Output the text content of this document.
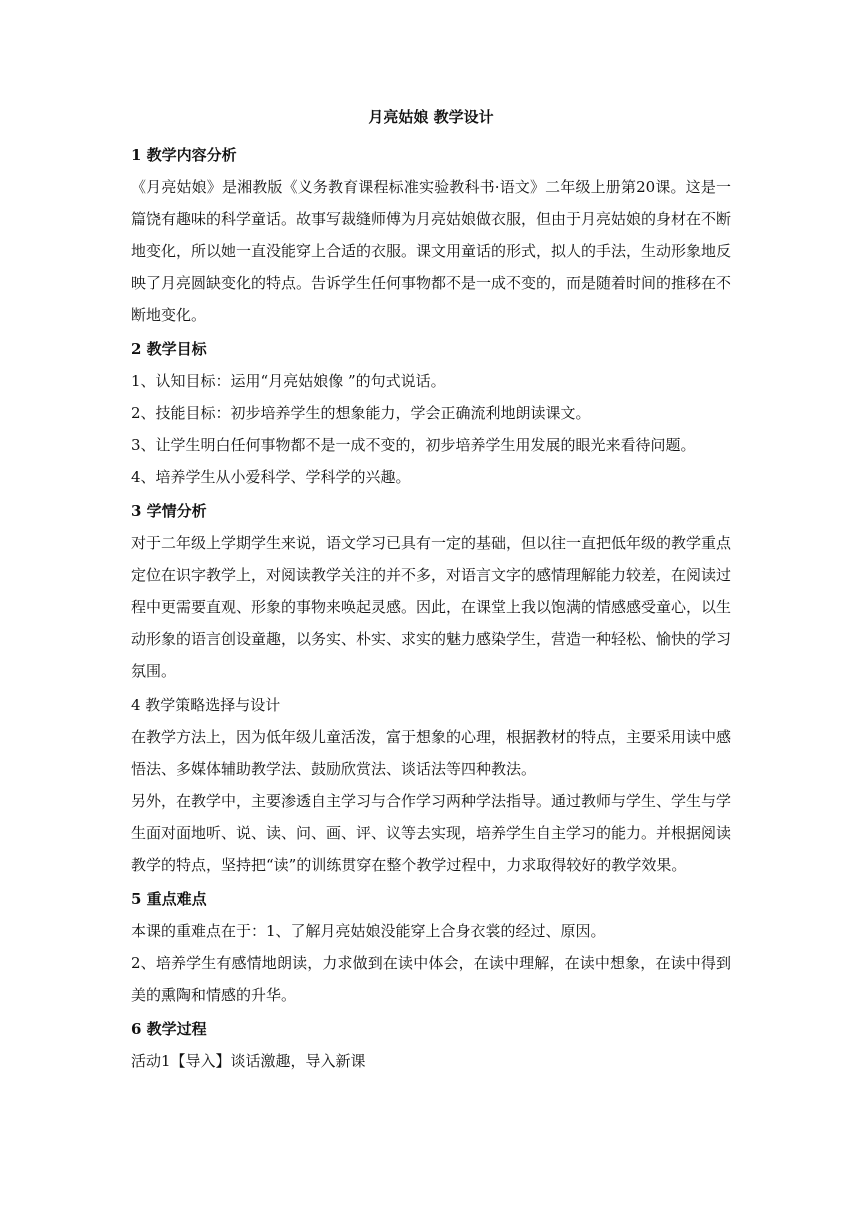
月亮姑娘 教学设计
1 教学内容分析

《月亮姑娘》是湘教版《义务教育课程标准实验教科书·语文》二年级上册第20课。这是一篇饶有趣味的科学童话。故事写裁缝师傅为月亮姑娘做衣服，但由于月亮姑娘的身材在不断地变化，所以她一直没能穿上合适的衣服。课文用童话的形式，拟人的手法，生动形象地反映了月亮圆缺变化的特点。告诉学生任何事物都不是一成不变的，而是随着时间的推移在不断地变化。

2 教学目标

1、认知目标：运用“月亮姑娘像 ”的句式说话。

2、技能目标：初步培养学生的想象能力，学会正确流利地朗读课文。

3、让学生明白任何事物都不是一成不变的，初步培养学生用发展的眼光来看待问题。

4、培养学生从小爱科学、学科学的兴趣。

3 学情分析

对于二年级上学期学生来说，语文学习已具有一定的基础，但以往一直把低年级的教学重点定位在识字教学上，对阅读教学关注的并不多，对语言文字的感情理解能力较差，在阅读过程中更需要直观、形象的事物来唤起灵感。因此，在课堂上我以饱满的情感感受童心，以生动形象的语言创设童趣，以务实、朴实、求实的魅力感染学生，营造一种轻松、愉快的学习氛围。

4 教学策略选择与设计

在教学方法上，因为低年级儿童活泼，富于想象的心理，根据教材的特点，主要采用读中感悟法、多媒体辅助教学法、鼓励欣赏法、谈话法等四种教法。

另外，在教学中，主要渗透自主学习与合作学习两种学法指导。通过教师与学生、学生与学生面对面地听、说、读、问、画、评、议等去实现，培养学生自主学习的能力。并根据阅读教学的特点，坚持把“读”的训练贯穿在整个教学过程中，力求取得较好的教学效果。

5 重点难点

本课的重难点在于：1、了解月亮姑娘没能穿上合身衣裳的经过、原因。

2、培养学生有感情地朗读，力求做到在读中体会，在读中理解，在读中想象，在读中得到美的熏陶和情感的升华。

6 教学过程

活动1【导入】谈话激趣，导入新课
